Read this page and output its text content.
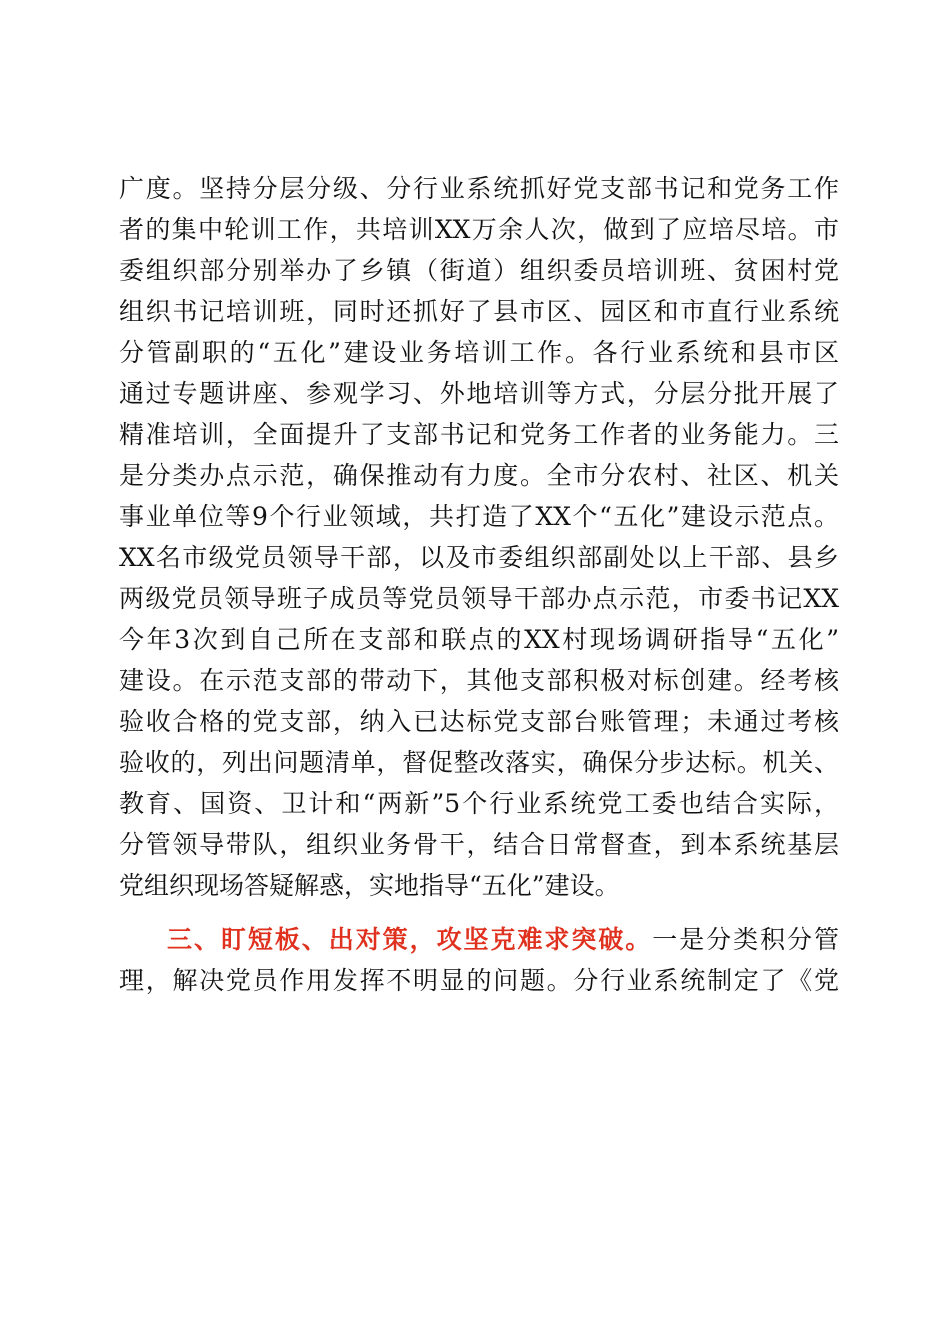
广度。坚持分层分级、分行业系统抓好党支部书记和党务工作
者的集中轮训工作，共培训XX万余人次，做到了应培尽培。市
委组织部分别举办了乡镇（街道）组织委员培训班、贫困村党
组织书记培训班，同时还抓好了县市区、园区和市直行业系统
分管副职的“五化”建设业务培训工作。各行业系统和县市区
通过专题讲座、参观学习、外地培训等方式，分层分批开展了
精准培训，全面提升了支部书记和党务工作者的业务能力。三
是分类办点示范，确保推动有力度。全市分农村、社区、机关
事业单位等9个行业领域，共打造了XX个“五化”建设示范点。
XX名市级党员领导干部，以及市委组织部副处以上干部、县乡
两级党员领导班子成员等党员领导干部办点示范，市委书记XX
今年3次到自己所在支部和联点的XX村现场调研指导“五化”
建设。在示范支部的带动下，其他支部积极对标创建。经考核
验收合格的党支部，纳入已达标党支部台账管理；未通过考核
验收的，列出问题清单，督促整改落实，确保分步达标。机关、
教育、国资、卫计和“两新”5个行业系统党工委也结合实际，
分管领导带队，组织业务骨干，结合日常督查，到本系统基层
党组织现场答疑解惑，实地指导“五化”建设。
三、盯短板、出对策，攻坚克难求突破。一是分类积分管
理，解决党员作用发挥不明显的问题。分行业系统制定了《党
